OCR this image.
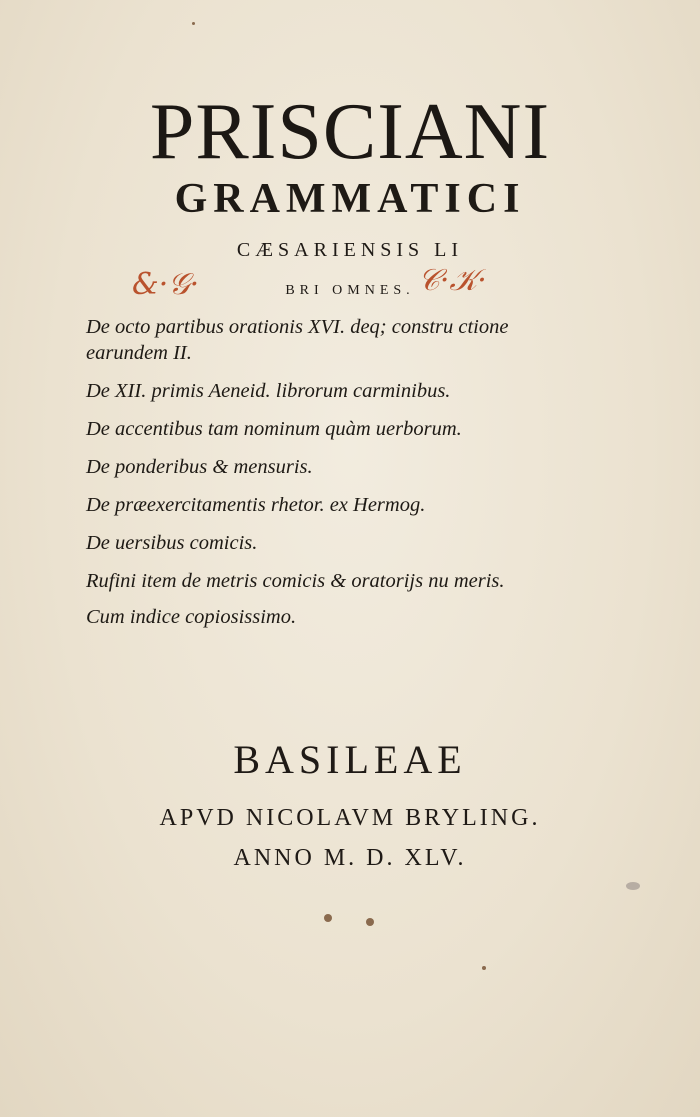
PRISCIANI
GRAMMATICI
CÆSARIENSIS LI
BRI OMNES.
&·𝒢·	𝒞·𝒦·
De octo partibus orationis XVI. deq; constru ctione earundem II.
De XII. primis Aeneid. librorum carminibus.
De accentibus tam nominum quàm uerborum.
De ponderibus & mensuris.
De præexercitamentis rhetor. ex Hermog.
De uersibus comicis.
Rufini item de metris comicis & oratorijs nu meris.
Cum indice copiosissimo.
BASILEAE
APVD NICOLAVM BRYLING.
ANNO M. D. XLV.
